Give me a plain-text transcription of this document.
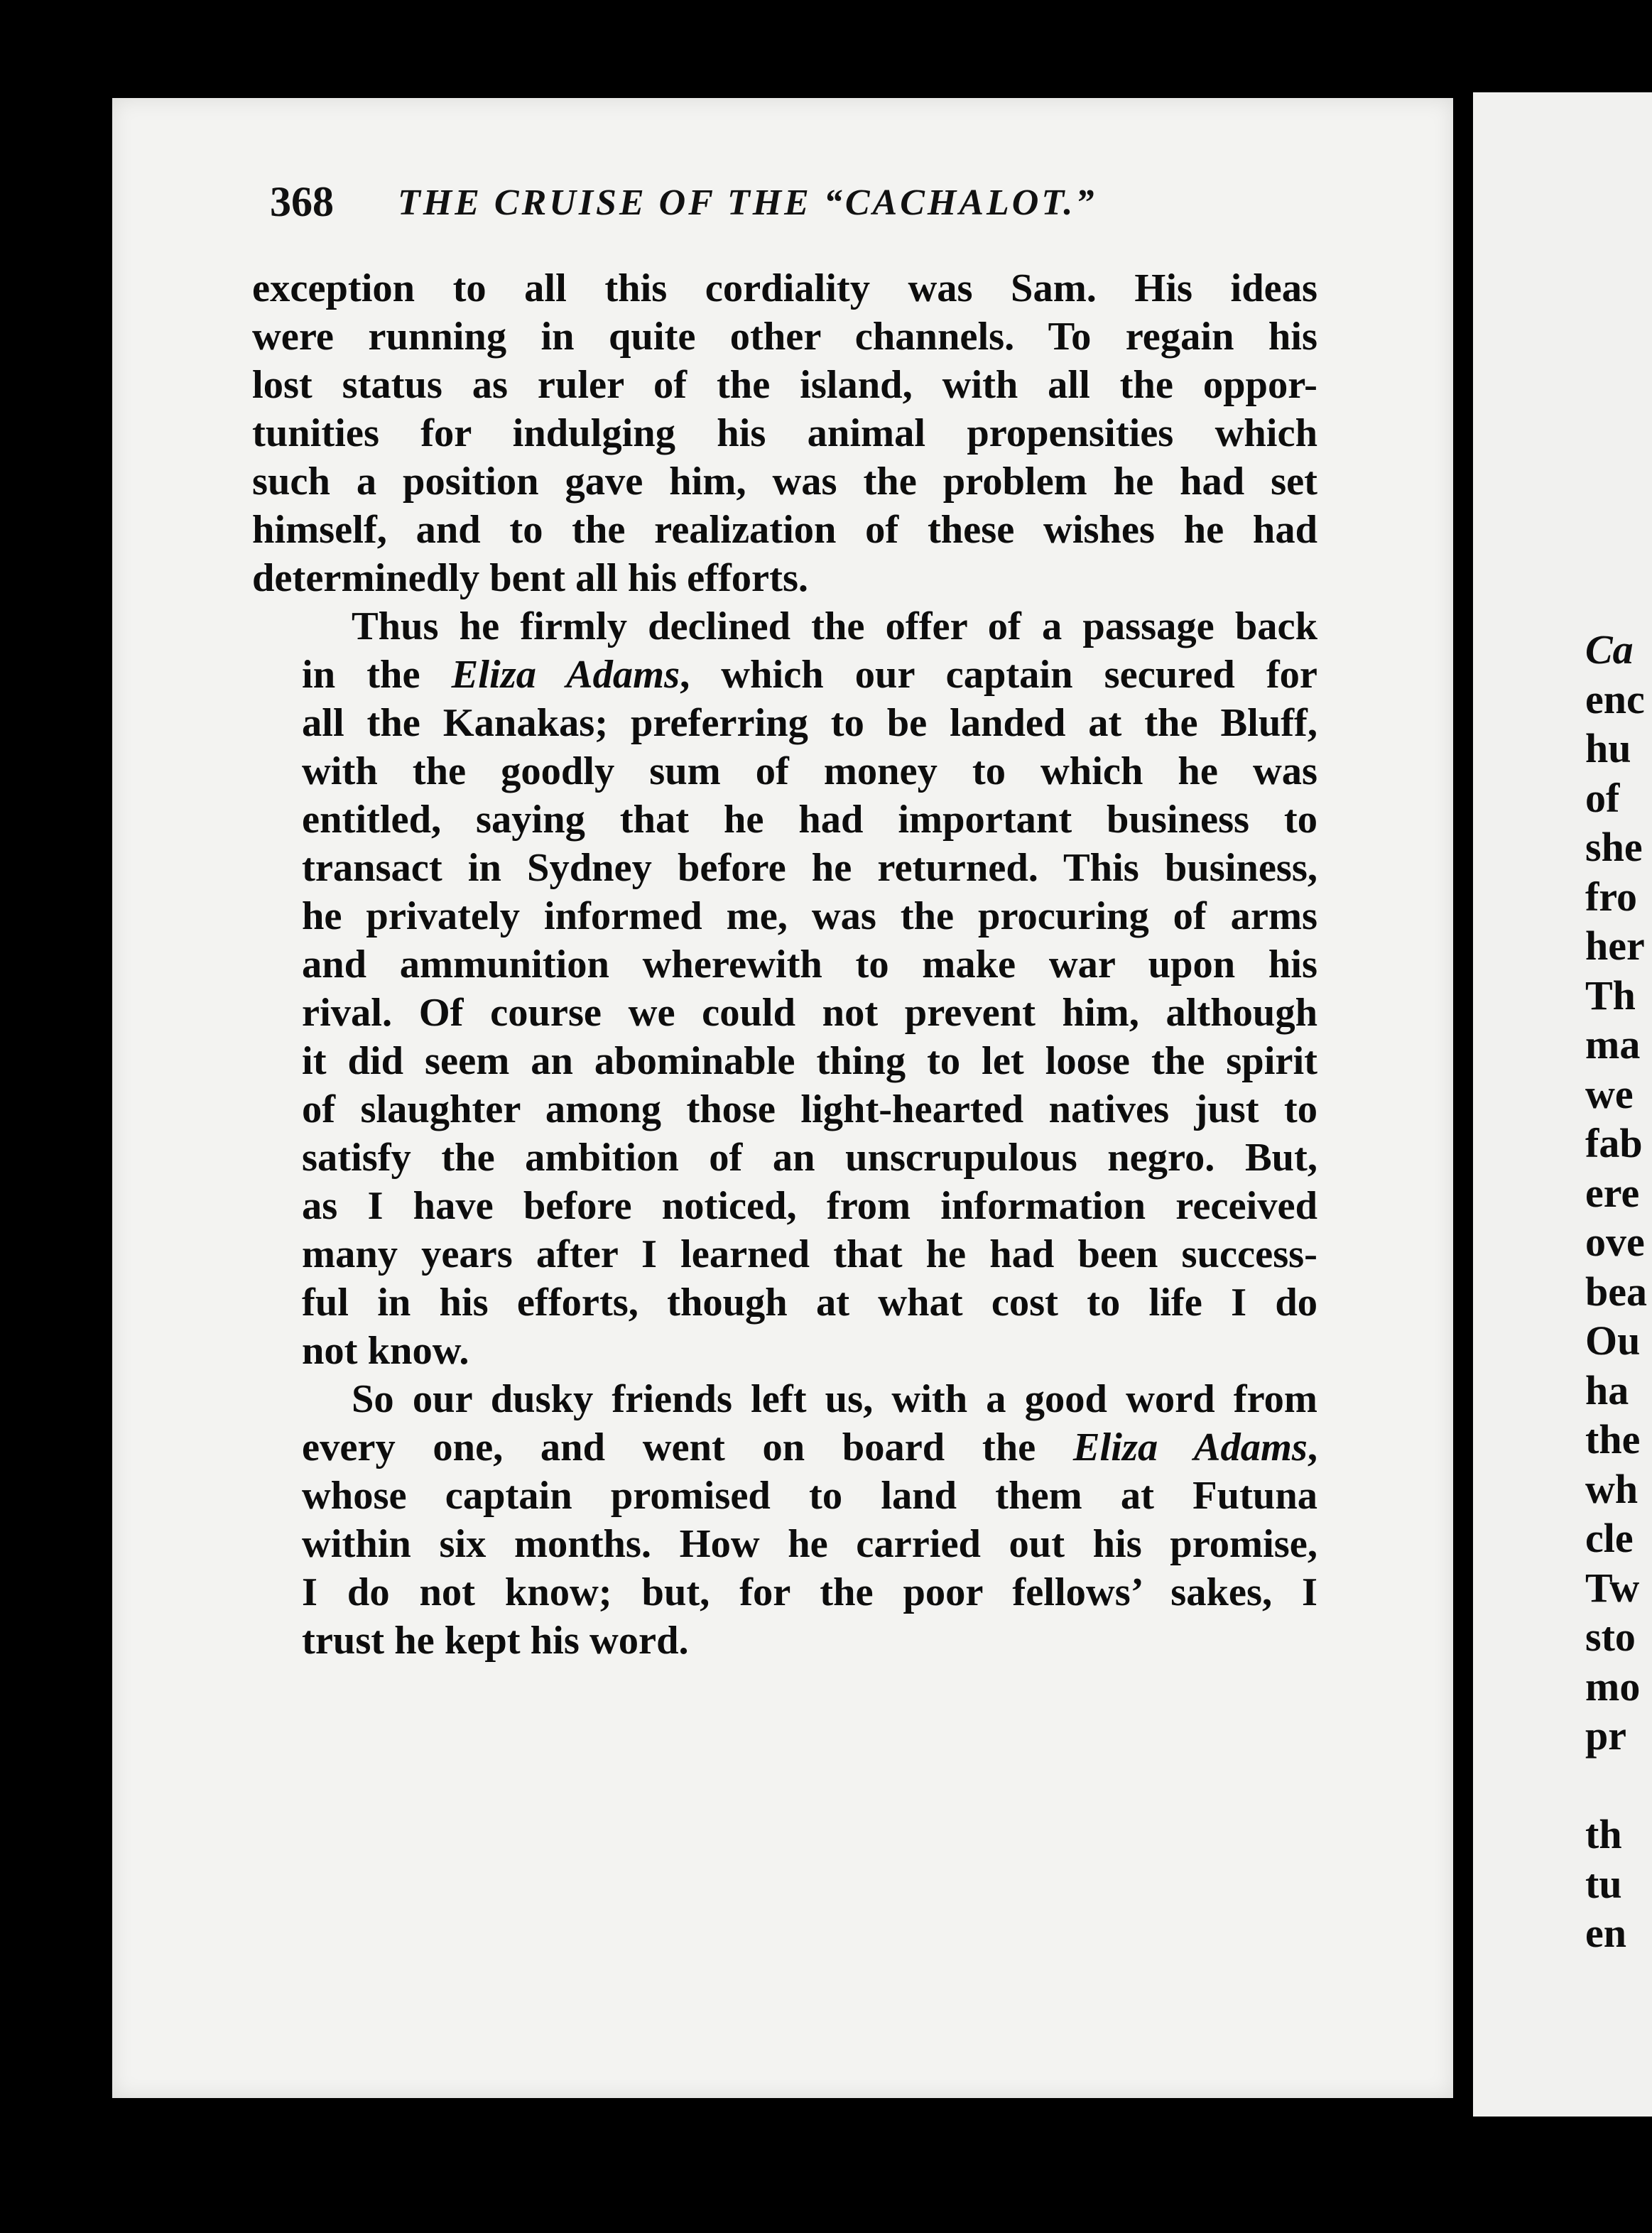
368 THE CRUISE OF THE “CACHALOT.”

exception to all this cordiality was Sam. His ideas
were running in quite other channels. To regain his
lost status as ruler of the island, with all the oppor-
tunities for indulging his animal propensities which
such a position gave him, was the problem he had set
himself, and to the realization of these wishes he had
determinedly bent all his efforts.

Thus he firmly declined the offer of a passage back
in the Eliza Adams, which our captain secured for
all the Kanakas; preferring to be landed at the Bluff,
with the goodly sum of money to which he was
entitled, saying that he had important business to
transact in Sydney before he returned. This business,
he privately informed me, was the procuring of arms
and ammunition wherewith to make war upon his
rival. Of course we could not prevent him, although
it did seem an abominable thing to let loose the spirit
of slaughter among those light-hearted natives just to
satisfy the ambition of an unscrupulous negro. But,
as I have before noticed, from information received
many years after I learned that he had been success-
ful in his efforts, though at what cost to life I do
not know.

So our dusky friends left us, with a good word from
every one, and went on board the Eliza Adams,
whose captain promised to land them at Futuna
within six months. How he carried out his promise,
I do not know; but, for the poor fellows’ sakes, I
trust he kept his word.

Ca
enc
hu
of
she
fro
her
Th
ma
we
fab
ere
ove
bea
Ou
ha
the
wh
cle
Tw
sto
mo
pr

th
tu
en
